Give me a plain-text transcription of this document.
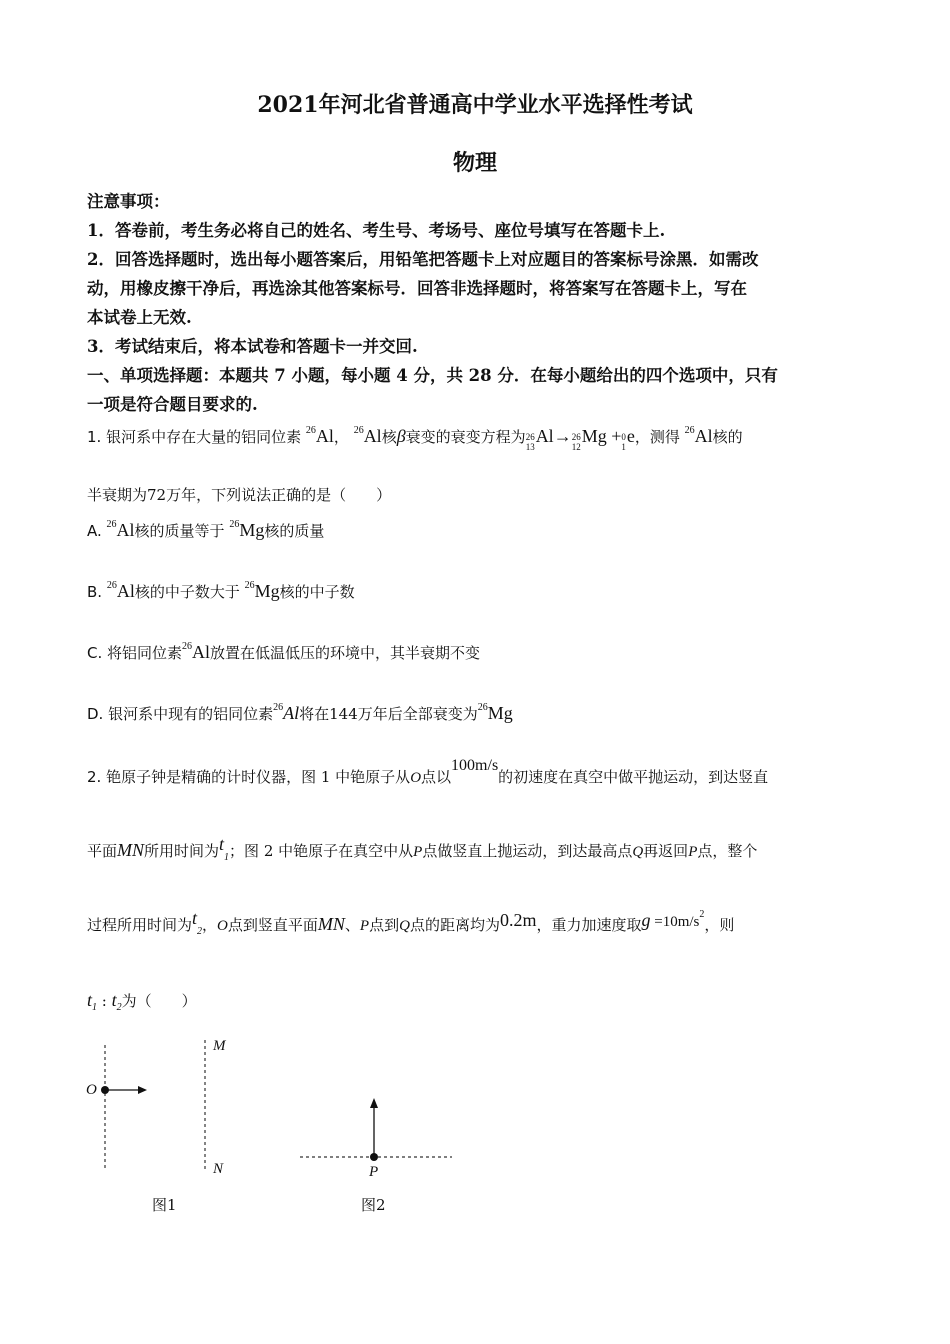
2021年河北省普通高中学业水平选择性考试
物理
注意事项：
1．答卷前，考生务必将自己的姓名、考生号、考场号、座位号填写在答题卡上.
2．回答选择题时，选出每小题答案后，用铅笔把答题卡上对应题目的答案标号涂黑．如需改
动，用橡皮擦干净后，再选涂其他答案标号．回答非选择题时，将答案写在答题卡上，写在
本试卷上无效.
3．考试结束后，将本试卷和答题卡一并交回.
一、单项选择题：本题共 7 小题，每小题 4 分，共 28 分．在每小题给出的四个选项中，只有
一项是符合题目要求的.
1. 银河系中存在大量的铝同位素 $^{26}$Al， $^{26}$Al核β衰变的衰变方程为 26
13
Al→ 26
12
Mg + 0
1
e，测得 $^{26}$Al核的
半衰期为72万年，下列说法正确的是（　　）
A. $^{26}$Al核的质量等于 $^{26}$Mg核的质量
B. $^{26}$Al核的中子数大于 $^{26}$Mg核的中子数
C. 将铝同位素$^{26}$Al放置在低温低压的环境中，其半衰期不变
D. 银河系中现有的铝同位素$^{26}$Al将在144万年后全部衰变为$^{26}$Mg
2. 铯原子钟是精确的计时仪器，图 1 中铯原子从O点以100m/s的初速度在真空中做平抛运动，到达竖直
平面MN所用时间为$t_1$；图 2 中铯原子在真空中从P点做竖直上抛运动，到达最高点Q再返回P点，整个
过程所用时间为$t_2$，O点到竖直平面MN、P点到Q点的距离均为0.2m，重力加速度取$g =10m/s^2$，则
$t_1$ : $t_2$为（　　）
O
M
N	P
图1	图2
